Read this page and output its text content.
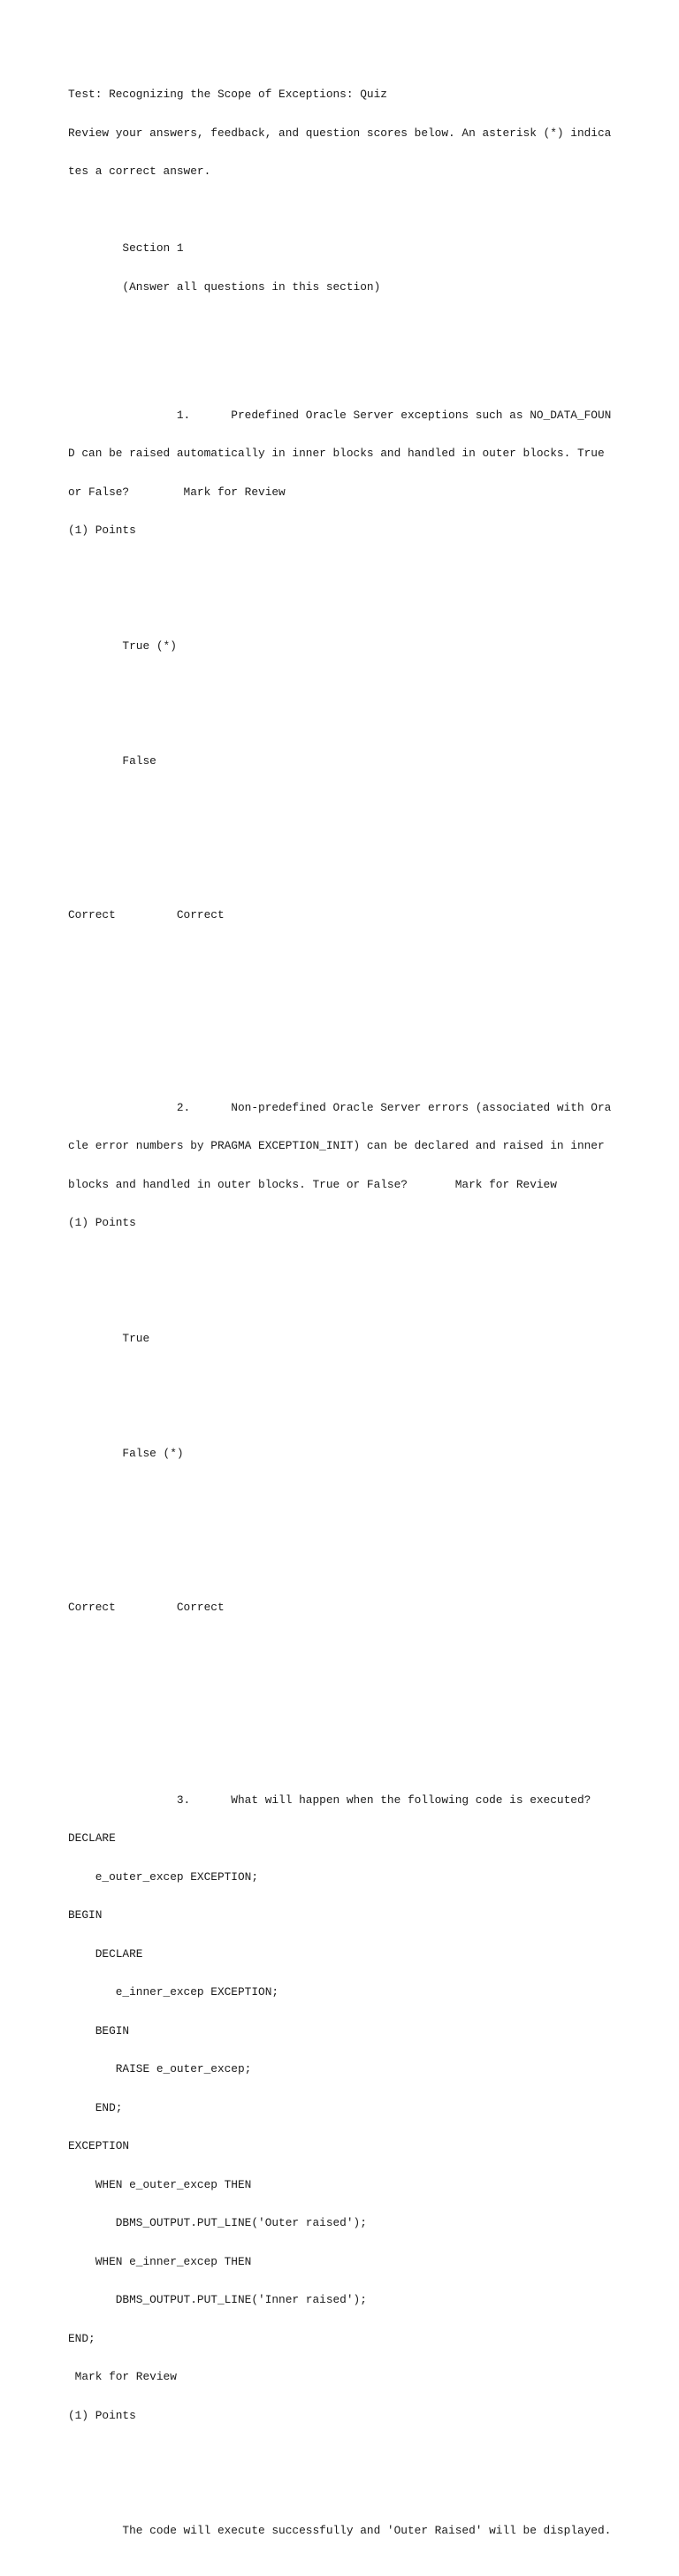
Test: Recognizing the Scope of Exceptions: Quiz

Review your answers, feedback, and question scores below. An asterisk (*) indica

tes a correct answer.

Section 1

(Answer all questions in this section)

1.      Predefined Oracle Server exceptions such as NO_DATA_FOUN

D can be raised automatically in inner blocks and handled in outer blocks. True

or False?        Mark for Review

(1) Points

True (*)

False

Correct         Correct

2.      Non-predefined Oracle Server errors (associated with Ora

cle error numbers by PRAGMA EXCEPTION_INIT) can be declared and raised in inner

blocks and handled in outer blocks. True or False?       Mark for Review

(1) Points

True

False (*)

Correct         Correct

3.      What will happen when the following code is executed?

DECLARE

e_outer_excep EXCEPTION;

BEGIN

DECLARE

e_inner_excep EXCEPTION;

BEGIN

RAISE e_outer_excep;

END;

EXCEPTION

WHEN e_outer_excep THEN

DBMS_OUTPUT.PUT_LINE('Outer raised');

WHEN e_inner_excep THEN

DBMS_OUTPUT.PUT_LINE('Inner raised');

END;

Mark for Review

(1) Points

The code will execute successfully and 'Outer Raised' will be displayed.
